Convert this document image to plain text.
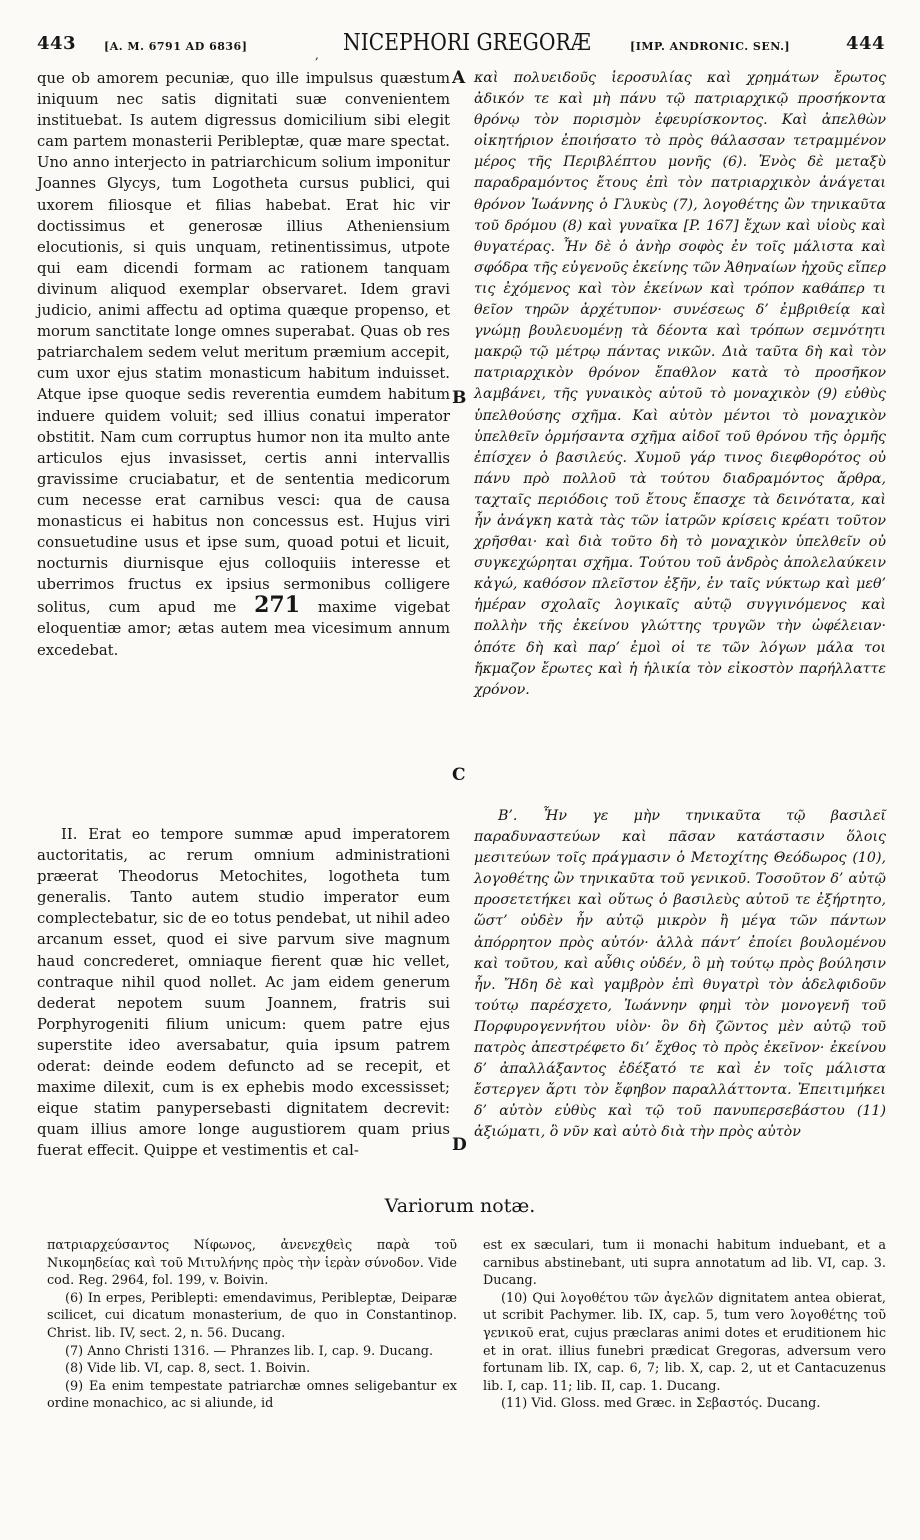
443	[A. M. 6791 AD 6836]
, NICEPHORI GREGORÆ	[IMP. ANDRONIC. SEN.]	444
A
B
C
D

que ob amorem pecuniæ, quo ille impulsus quæstum iniquum nec satis dignitati suæ convenientem instituebat. Is autem digressus domicilium sibi elegit cam partem monasterii Peribleptæ, quæ mare spectat. Uno anno interjecto in patriarchicum solium imponitur Joannes Glycys, tum Logotheta cursus publici, qui uxorem filiosque et filias habebat. Erat hic vir doctissimus et generosæ illius Atheniensium elocutionis, si quis unquam, retinentissimus, utpote qui eam dicendi formam ac rationem tanquam divinum aliquod exemplar observaret. Idem gravi judicio, animi affectu ad optima quæque propenso, et morum sanctitate longe omnes superabat. Quas ob res patriarchalem sedem velut meritum præmium accepit, cum uxor ejus statim monasticum habitum induisset. Atque ipse quoque sedis reverentia eumdem habitum induere quidem voluit; sed illius conatui imperator obstitit. Nam cum corruptus humor non ita multo ante articulos ejus invasisset, certis anni intervallis gravissime cruciabatur, et de sententia medicorum cum necesse erat carnibus vesci: qua de causa monasticus ei habitus non concessus est. Hujus viri consuetudine usus et ipse sum, quoad potui et licuit, nocturnis diurnisque ejus colloquiis interesse et uberrimos fructus ex ipsius sermonibus colligere solitus, cum apud me 271 maxime vigebat eloquentiæ amor; ætas autem mea vicesimum annum excedebat.

καὶ πολυειδοῦς ἱεροσυλίας καὶ χρημάτων ἔρωτος ἀδικόν τε καὶ μὴ πάνυ τῷ πατριαρχικῷ προσήκοντα θρόνῳ τὸν πορισμὸν ἐφευρίσκοντος. Καὶ ἀπελθὼν οἰκητήριον ἐποιήσατο τὸ πρὸς θάλασσαν τετραμμένον μέρος τῆς Περιβλέπτου μονῆς (6). Ἑνὸς δὲ μεταξὺ παραδραμόντος ἔτους ἐπὶ τὸν πατριαρχικὸν ἀνάγεται θρόνον Ἰωάννης ὁ Γλυκὺς (7), λογοθέτης ὢν τηνικαῦτα τοῦ δρόμου (8) καὶ γυναῖκα [P. 167] ἔχων καὶ υἱοὺς καὶ θυγατέρας. Ἦν δὲ ὁ ἀνὴρ σοφὸς ἐν τοῖς μάλιστα καὶ σφόδρα τῆς εὐγενοῦς ἐκείνης τῶν Ἀθηναίων ἠχοῦς εἴπερ τις ἐχόμενος καὶ τὸν ἐκείνων καὶ τρόπον καθάπερ τι θεῖον τηρῶν ἀρχέτυπον· συνέσεως δ’ ἐμβριθείᾳ καὶ γνώμῃ βουλευομένῃ τὰ δέοντα καὶ τρόπων σεμνότητι μακρῷ τῷ μέτρῳ πάντας νικῶν. Διὰ ταῦτα δὴ καὶ τὸν πατριαρχικὸν θρόνον ἔπαθλον κατὰ τὸ προσῆκον λαμβάνει, τῆς γυναικὸς αὐτοῦ τὸ μοναχικὸν (9) εὐθὺς ὑπελθούσης σχῆμα. Καὶ αὐτὸν μέντοι τὸ μοναχικὸν ὑπελθεῖν ὁρμήσαντα σχῆμα αἰδοῖ τοῦ θρόνου τῆς ὁρμῆς ἐπίσχεν ὁ βασιλεύς. Χυμοῦ γάρ τινος διεφθορότος οὐ πάνυ πρὸ πολλοῦ τὰ τούτου διαδραμόντος ἄρθρα, ταχταῖς περιόδοις τοῦ ἔτους ἔπασχε τὰ δεινότατα, καὶ ἦν ἀνάγκη κατὰ τὰς τῶν ἰατρῶν κρίσεις κρέατι τοῦτον χρῆσθαι· καὶ διὰ τοῦτο δὴ τὸ μοναχικὸν ὑπελθεῖν οὐ συγκεχώρηται σχῆμα. Τούτου τοῦ ἀνδρὸς ἀπολελαύκειν κἀγώ, καθόσον πλεῖστον ἐξῆν, ἐν ταῖς νύκτωρ καὶ μεθ’ ἡμέραν σχολαῖς λογικαῖς αὐτῷ συγγινόμενος καὶ πολλὴν τῆς ἐκείνου γλώττης τρυγῶν τὴν ὠφέλειαν· ὁπότε δὴ καὶ παρ’ ἐμοὶ οἱ τε τῶν λόγων μάλα τοι ἤκμαζον ἔρωτες καὶ ἡ ἡλικία τὸν εἰκοστὸν παρήλλαττε χρόνον.

II. Erat eo tempore summæ apud imperatorem auctoritatis, ac rerum omnium administrationi præerat Theodorus Metochites, logotheta tum generalis. Tanto autem studio imperator eum complectebatur, sic de eo totus pendebat, ut nihil adeo arcanum esset, quod ei sive parvum sive magnum haud concrederet, omniaque fierent quæ hic vellet, contraque nihil quod nollet. Ac jam eidem generum dederat nepotem suum Joannem, fratris sui Porphyrogeniti filium unicum: quem patre ejus superstite ideo aversabatur, quia ipsum patrem oderat: deinde eodem defuncto ad se recepit, et maxime dilexit, cum is ex ephebis modo excessisset; eique statim panypersebasti dignitatem decrevit: quam illius amore longe augustiorem quam prius fuerat effecit. Quippe et vestimentis et cal-

Β’. Ἦν γε μὴν τηνικαῦτα τῷ βασιλεῖ παραδυναστεύων καὶ πᾶσαν κατάστασιν ὅλοις μεσιτεύων τοῖς πράγμασιν ὁ Μετοχίτης Θεόδωρος (10), λογοθέτης ὢν τηνικαῦτα τοῦ γενικοῦ. Τοσοῦτον δ’ αὐτῷ προσετετήκει καὶ οὕτως ὁ βασιλεὺς αὐτοῦ τε ἐξήρτητο, ὥστ’ οὐδὲν ἦν αὐτῷ μικρὸν ἢ μέγα τῶν πάντων ἀπόρρητον πρὸς αὐτόν· ἀλλὰ πάντ’ ἐποίει βουλομένου καὶ τοῦτου, καὶ αὖθις οὐδέν, ὃ μὴ τούτῳ πρὸς βούλησιν ἦν. Ἤδη δὲ καὶ γαμβρὸν ἐπὶ θυγατρὶ τὸν ἀδελφιδοῦν τούτῳ παρέσχετο, Ἰωάννην φημὶ τὸν μονογενῆ τοῦ Πορφυρογεννήτου υἱὸν· ὃν δὴ ζῶντος μὲν αὐτῷ τοῦ πατρὸς ἀπεστρέφετο δι’ ἔχθος τὸ πρὸς ἐκεῖνον· ἐκείνου δ’ ἀπαλλάξαντος ἐδέξατό τε καὶ ἐν τοῖς μάλιστα ἔστεργεν ἄρτι τὸν ἔφηβον παραλλάττοντα. Ἐπειτιμήκει δ’ αὐτὸν εὐθὺς καὶ τῷ τοῦ πανυπερσεβάστου (11) ἀξιώματι, ὃ νῦν καὶ αὐτὸ διὰ τὴν πρὸς αὐτὸν

Variorum notæ.

πατριαρχεύσαντος Νίφωνος, ἀνενεχθεὶς παρὰ τοῦ Νικομηδείας καὶ τοῦ Μιτυλήνης πρὸς τὴν ἱερὰν σύνοδον. Vide cod. Reg. 2964, fol. 199, v. Boivin.

(6) In erpes, Periblepti: emendavimus, Peribleptæ, Deiparæ scilicet, cui dicatum monasterium, de quo in Constantinop. Christ. lib. IV, sect. 2, n. 56. Ducang.

(7) Anno Christi 1316. — Phranzes lib. I, cap. 9. Ducang.

(8) Vide lib. VI, cap. 8, sect. 1. Boivin.

(9) Ea enim tempestate patriarchæ omnes seligebantur ex ordine monachico, ac si aliunde, id

est ex sæculari, tum ii monachi habitum induebant, et a carnibus abstinebant, uti supra annotatum ad lib. VI, cap. 3. Ducang.

(10) Qui λογοθέτου τῶν ἀγελῶν dignitatem antea obierat, ut scribit Pachymer. lib. IX, cap. 5, tum vero λογοθέτης τοῦ γενικοῦ erat, cujus præclaras animi dotes et eruditionem hic et in orat. illius funebri prædicat Gregoras, adversum vero fortunam lib. IX, cap. 6, 7; lib. X, cap. 2, ut et Cantacuzenus lib. I, cap. 11; lib. II, cap. 1. Ducang.

(11) Vid. Gloss. med Græc. in Σεβαστός. Ducang.
